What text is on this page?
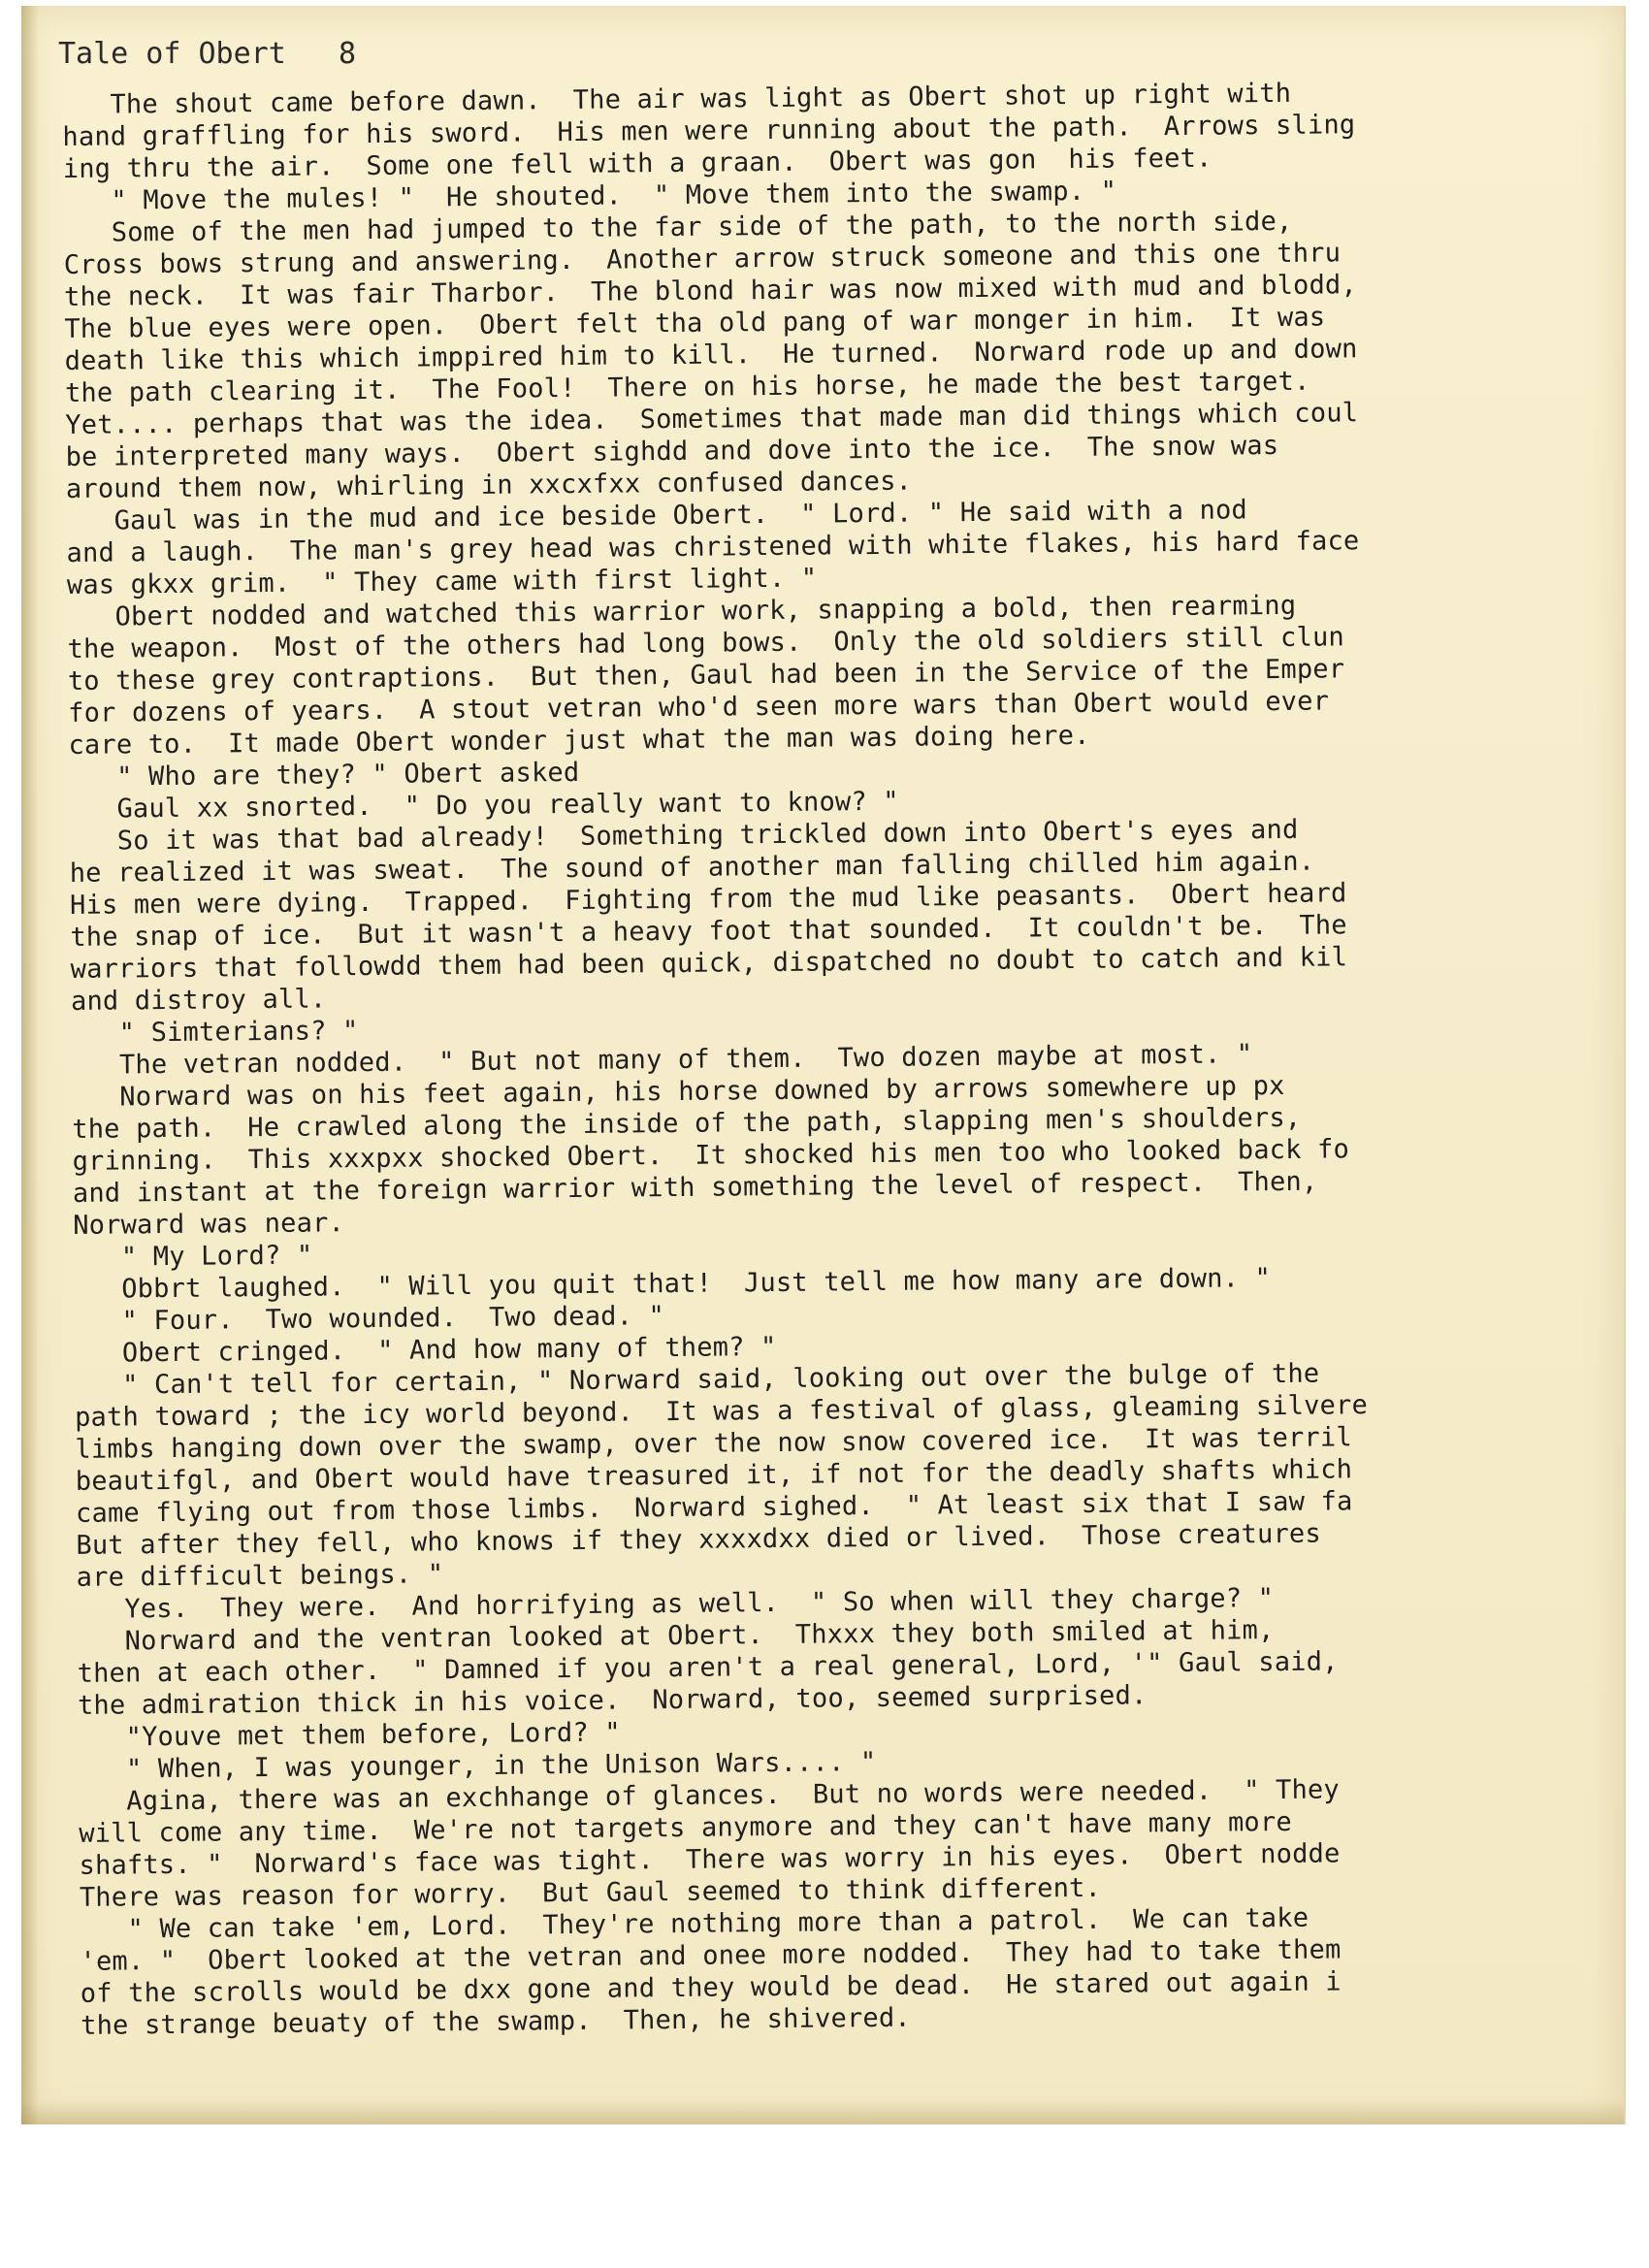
Tale of Obert   8
The shout came before dawn.  The air was light as Obert shot up right with
hand graffling for his sword.  His men were running about the path.  Arrows sling
ing thru the air.  Some one fell with a graan.  Obert was gon  his feet.
" Move the mules! "  He shouted.  " Move them into the swamp. "
Some of the men had jumped to the far side of the path, to the north side,
Cross bows strung and answering.  Another arrow struck someone and this one thru
the neck.  It was fair Tharbor.  The blond hair was now mixed with mud and blodd,
The blue eyes were open.  Obert felt tha old pang of war monger in him.  It was
death like this which imppired him to kill.  He turned.  Norward rode up and down
the path clearing it.  The Fool!  There on his horse, he made the best target.
Yet.... perhaps that was the idea.  Sometimes that made man did things which coul
be interpreted many ways.  Obert sighdd and dove into the ice.  The snow was
around them now, whirling in xxcxfxx confused dances.
Gaul was in the mud and ice beside Obert.  " Lord. " He said with a nod
and a laugh.  The man's grey head was christened with white flakes, his hard face
was gkxx grim.  " They came with first light. "
Obert nodded and watched this warrior work, snapping a bold, then rearming
the weapon.  Most of the others had long bows.  Only the old soldiers still clun
to these grey contraptions.  But then, Gaul had been in the Service of the Emper
for dozens of years.  A stout vetran who'd seen more wars than Obert would ever
care to.  It made Obert wonder just what the man was doing here.
" Who are they? " Obert asked
Gaul xx snorted.  " Do you really want to know? "
So it was that bad already!  Something trickled down into Obert's eyes and
he realized it was sweat.  The sound of another man falling chilled him again.
His men were dying.  Trapped.  Fighting from the mud like peasants.  Obert heard
the snap of ice.  But it wasn't a heavy foot that sounded.  It couldn't be.  The
warriors that followdd them had been quick, dispatched no doubt to catch and kil
and distroy all.
" Simterians? "
The vetran nodded.  " But not many of them.  Two dozen maybe at most. "
Norward was on his feet again, his horse downed by arrows somewhere up px
the path.  He crawled along the inside of the path, slapping men's shoulders,
grinning.  This xxxpxx shocked Obert.  It shocked his men too who looked back fo
and instant at the foreign warrior with something the level of respect.  Then,
Norward was near.
" My Lord? "
Obbrt laughed.  " Will you quit that!  Just tell me how many are down. "
" Four.  Two wounded.  Two dead. "
Obert cringed.  " And how many of them? "
" Can't tell for certain, " Norward said, looking out over the bulge of the
path toward ; the icy world beyond.  It was a festival of glass, gleaming silvere
limbs hanging down over the swamp, over the now snow covered ice.  It was terril
beautifgl, and Obert would have treasured it, if not for the deadly shafts which
came flying out from those limbs.  Norward sighed.  " At least six that I saw fa
But after they fell, who knows if they xxxxdxx died or lived.  Those creatures
are difficult beings. "
Yes.  They were.  And horrifying as well.  " So when will they charge? "
Norward and the ventran looked at Obert.  Thxxx they both smiled at him,
then at each other.  " Damned if you aren't a real general, Lord, '" Gaul said,
the admiration thick in his voice.  Norward, too, seemed surprised.
"Youve met them before, Lord? "
" When, I was younger, in the Unison Wars.... "
Agina, there was an exchhange of glances.  But no words were needed.  " They
will come any time.  We're not targets anymore and they can't have many more
shafts. "  Norward's face was tight.  There was worry in his eyes.  Obert nodde
There was reason for worry.  But Gaul seemed to think different.
" We can take 'em, Lord.  They're nothing more than a patrol.  We can take
'em. "  Obert looked at the vetran and onee more nodded.  They had to take them
of the scrolls would be dxx gone and they would be dead.  He stared out again i
the strange beuaty of the swamp.  Then, he shivered.
